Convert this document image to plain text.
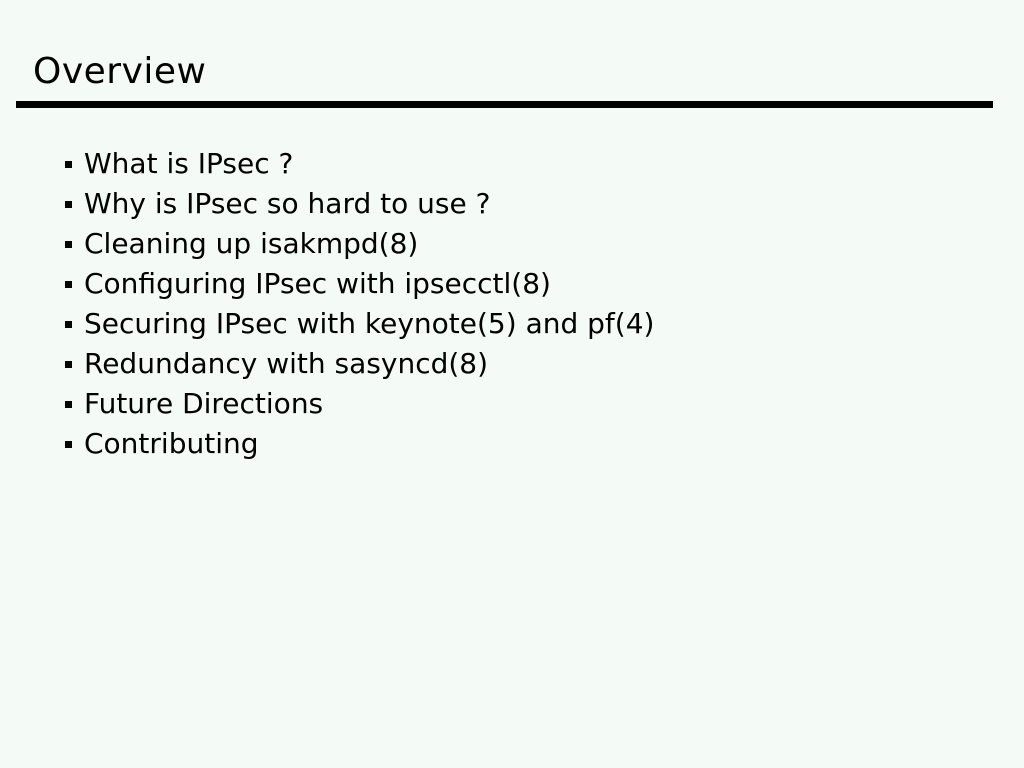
Overview
What is IPsec ?
Why is IPsec so hard to use ?
Cleaning up isakmpd(8)
Configuring IPsec with ipsecctl(8)
Securing IPsec with keynote(5) and pf(4)
Redundancy with sasyncd(8)
Future Directions
Contributing
